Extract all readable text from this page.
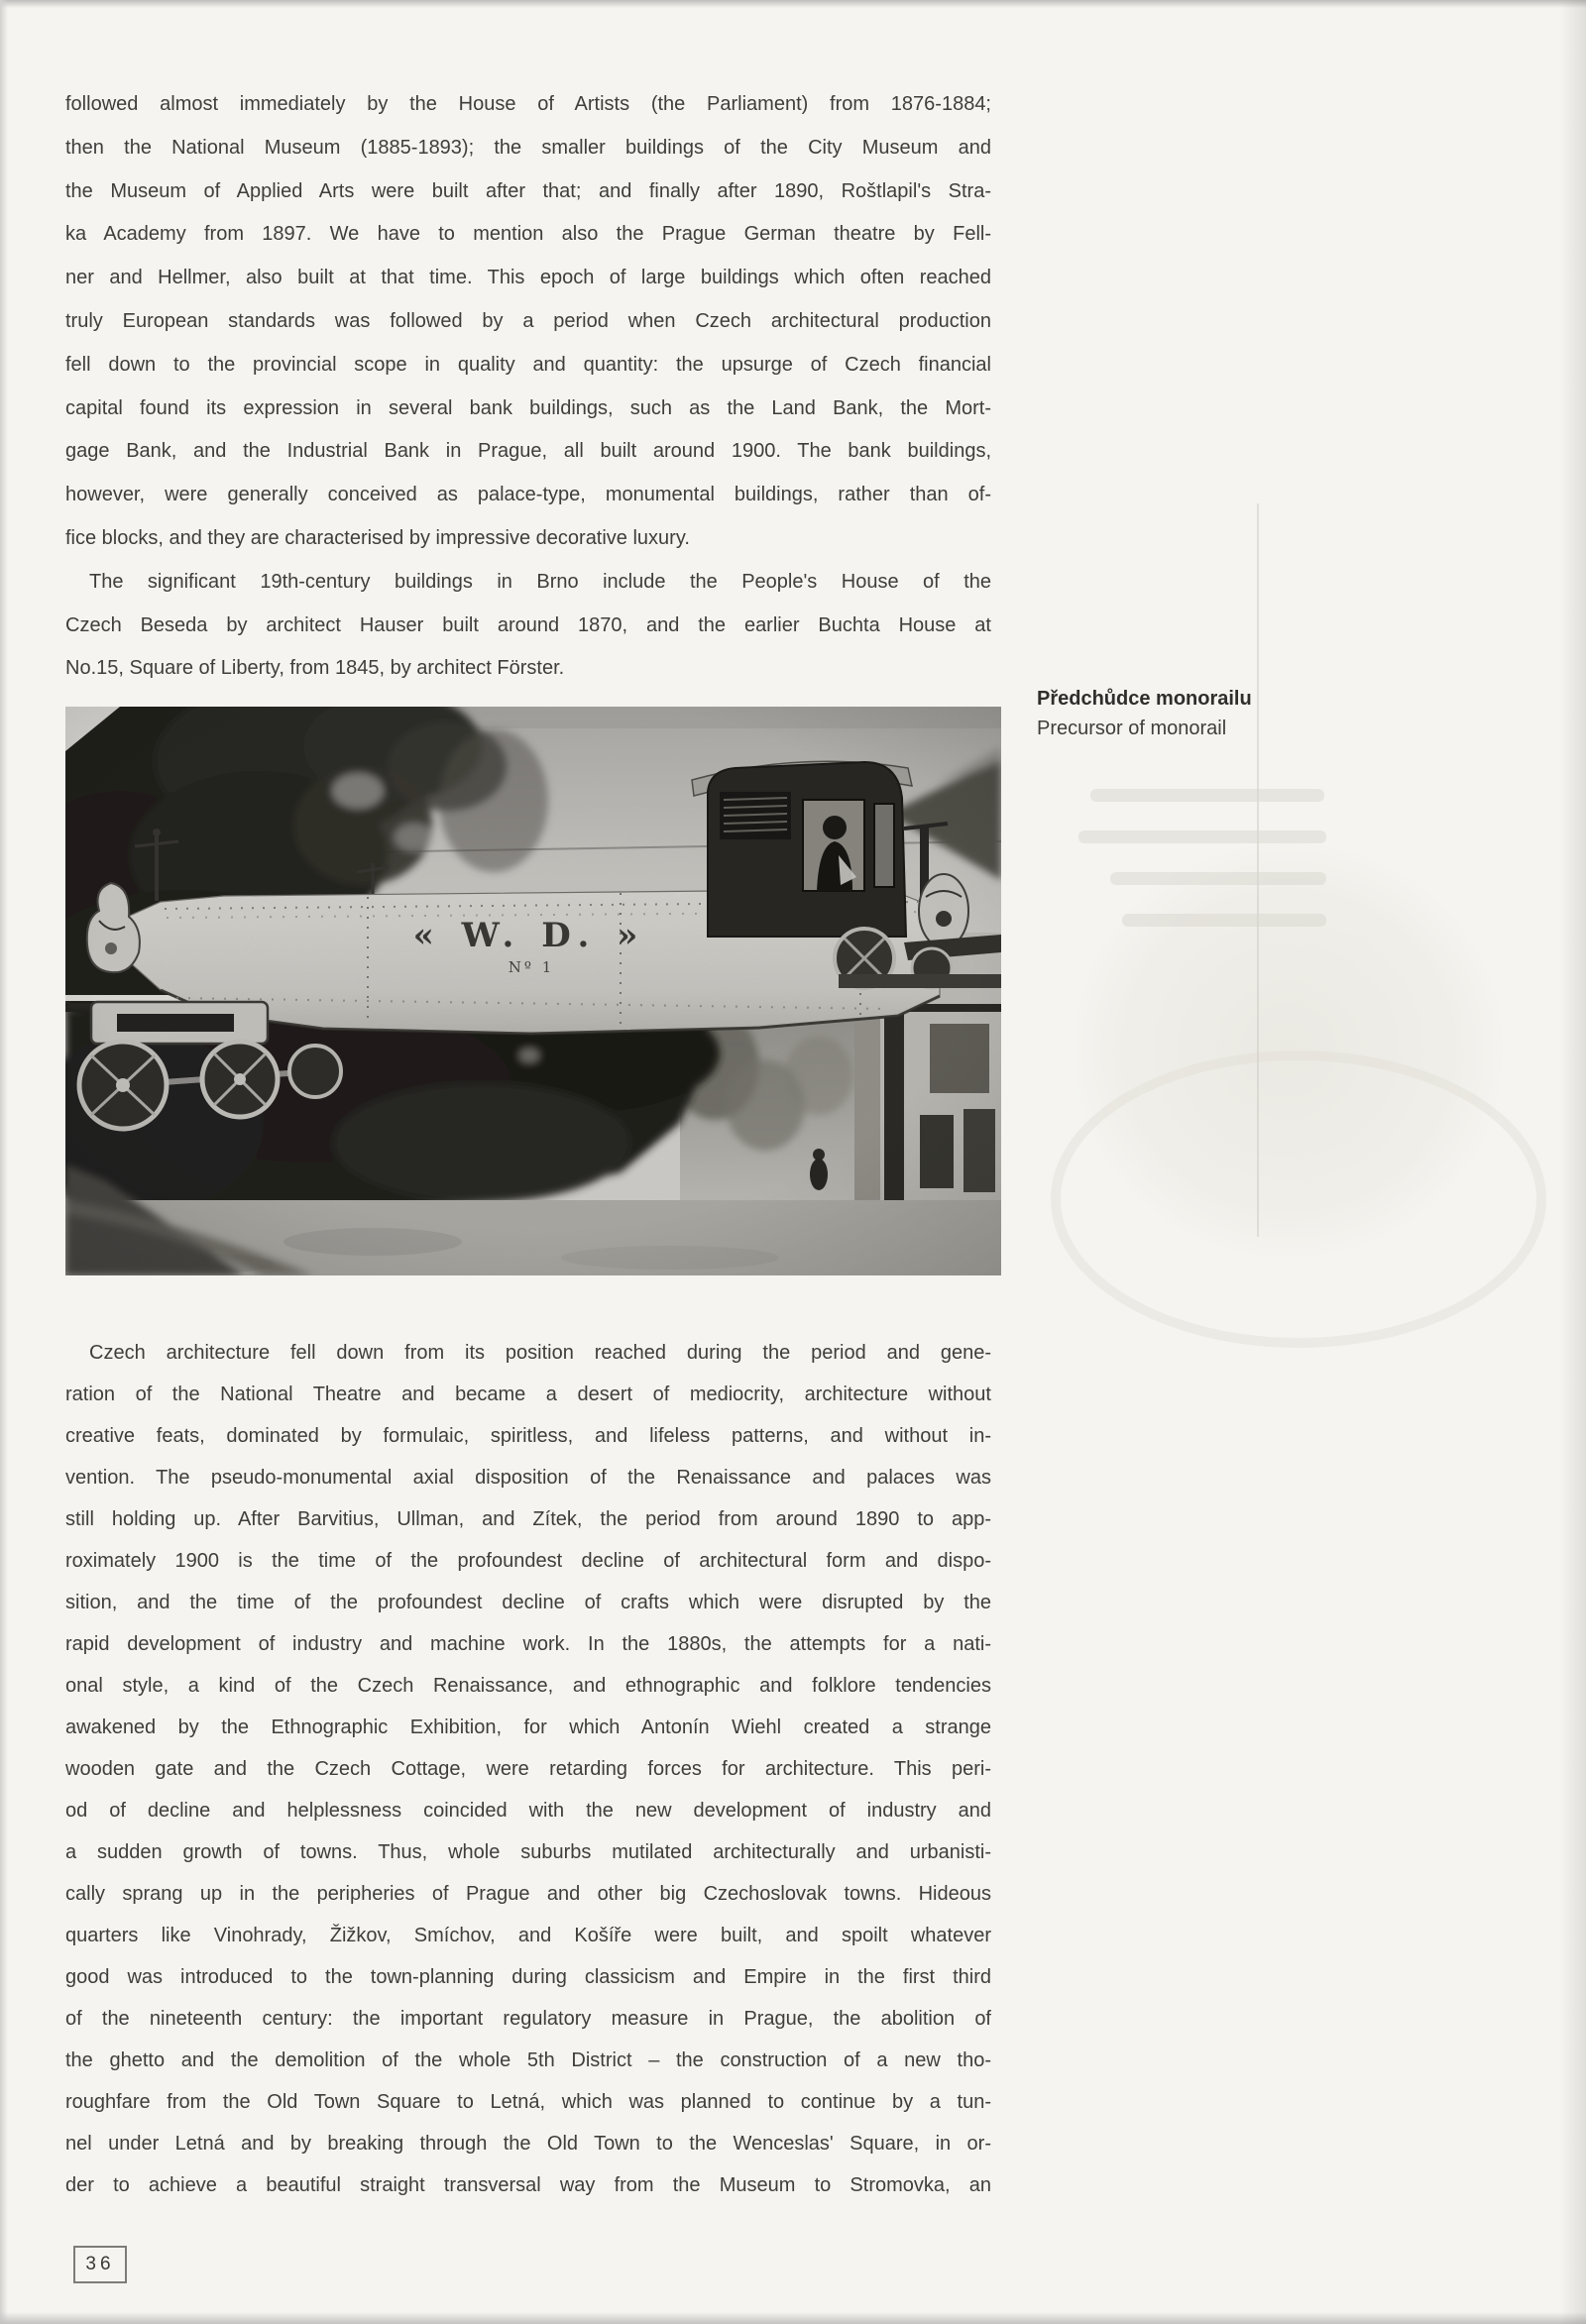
followed almost immediately by the House of Artists (the Parliament) from 1876-1884;
then the National Museum (1885-1893); the smaller buildings of the City Museum and
the Museum of Applied Arts were built after that; and finally after 1890, Roštlapil's Stra-
ka Academy from 1897. We have to mention also the Prague German theatre by Fell-
ner and Hellmer, also built at that time. This epoch of large buildings which often reached
truly European standards was followed by a period when Czech architectural production
fell down to the provincial scope in quality and quantity: the upsurge of Czech financial
capital found its expression in several bank buildings, such as the Land Bank, the Mort-
gage Bank, and the Industrial Bank in Prague, all built around 1900. The bank buildings,
however, were generally conceived as palace-type, monumental buildings, rather than of-
fice blocks, and they are characterised by impressive decorative luxury.
The significant 19th-century buildings in Brno include the People's House of the
Czech Beseda by architect Hauser built around 1870, and the earlier Buchta House at
No.15, Square of Liberty, from 1845, by architect Förster.
Předchůdce monorailu
Precursor of monorail
Czech architecture fell down from its position reached during the period and gene-
ration of the National Theatre and became a desert of mediocrity, architecture without
creative feats, dominated by formulaic, spiritless, and lifeless patterns, and without in-
vention. The pseudo-monumental axial disposition of the Renaissance and palaces was
still holding up. After Barvitius, Ullman, and Zítek, the period from around 1890 to app-
roximately 1900 is the time of the profoundest decline of architectural form and dispo-
sition, and the time of the profoundest decline of crafts which were disrupted by the
rapid development of industry and machine work. In the 1880s, the attempts for a nati-
onal style, a kind of the Czech Renaissance, and ethnographic and folklore tendencies
awakened by the Ethnographic Exhibition, for which Antonín Wiehl created a strange
wooden gate and the Czech Cottage, were retarding forces for architecture. This peri-
od of decline and helplessness coincided with the new development of industry and
a sudden growth of towns. Thus, whole suburbs mutilated architecturally and urbanisti-
cally sprang up in the peripheries of Prague and other big Czechoslovak towns. Hideous
quarters like Vinohrady, Žižkov, Smíchov, and Košíře were built, and spoilt whatever
good was introduced to the town-planning during classicism and Empire in the first third
of the nineteenth century: the important regulatory measure in Prague, the abolition of
the ghetto and the demolition of the whole 5th District – the construction of a new tho-
roughfare from the Old Town Square to Letná, which was planned to continue by a tun-
nel under Letná and by breaking through the Old Town to the Wenceslas' Square, in or-
der to achieve a beautiful straight transversal way from the Museum to Stromovka, an
36
